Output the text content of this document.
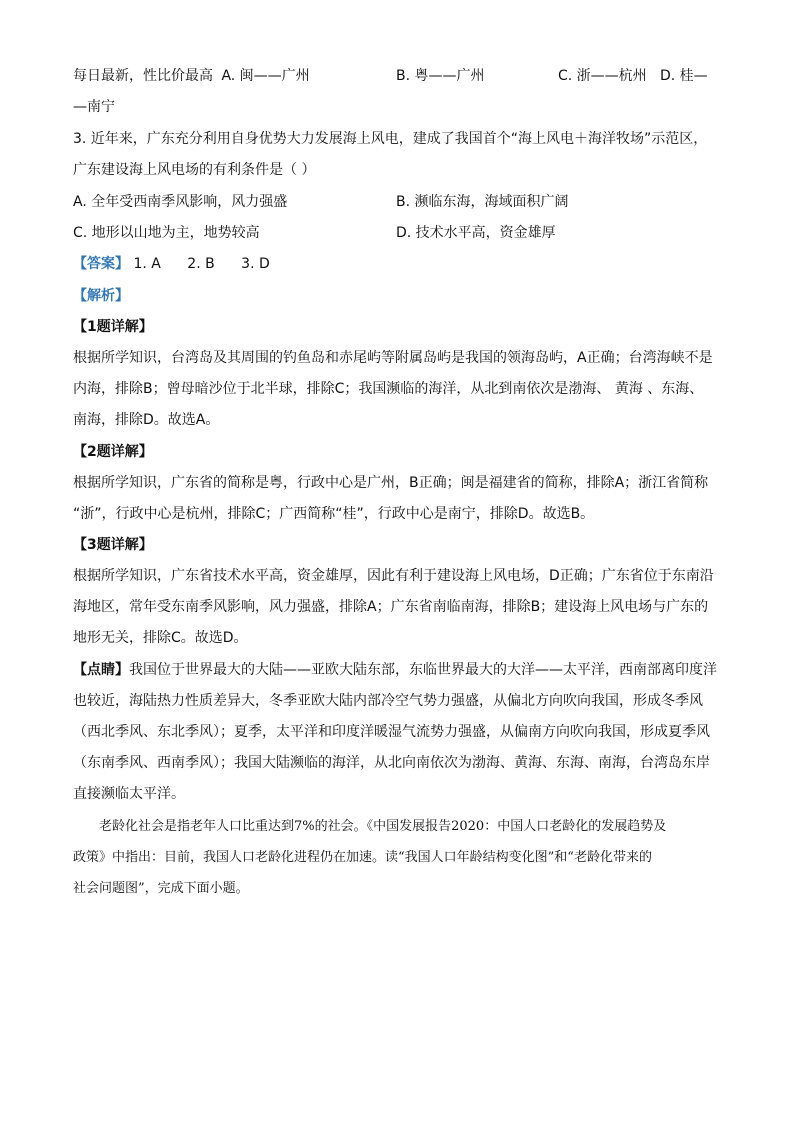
每日最新，性比价最高 A. 闽——广州	B. 粤——广州	C. 浙——杭州 D. 桂—
—南宁
3. 近年来，广东充分利用自身优势大力发展海上风电，建成了我国首个“海上风电＋海洋牧场”示范区，
广东建设海上风电场的有利条件是（ ）
A. 全年受西南季风影响，风力强盛	B. 濒临东海，海域面积广阔
C. 地形以山地为主，地势较高	D. 技术水平高，资金雄厚
【答案】 1. A 2. B 3. D
【解析】
【1题详解】
根据所学知识，台湾岛及其周围的钓鱼岛和赤尾屿等附属岛屿是我国的领海岛屿，A正确；台湾海峡不是
内海，排除B；曾母暗沙位于北半球，排除C；我国濒临的海洋，从北到南依次是渤海、 黄海 、东海、
南海，排除D。故选A。
【2题详解】
根据所学知识，广东省的简称是粤，行政中心是广州，B正确；闽是福建省的简称，排除A；浙江省简称
“浙”，行政中心是杭州，排除C；广西简称“桂”，行政中心是南宁，排除D。故选B。
【3题详解】
根据所学知识，广东省技术水平高，资金雄厚，因此有利于建设海上风电场，D正确；广东省位于东南沿
海地区，常年受东南季风影响，风力强盛，排除A；广东省南临南海，排除B；建设海上风电场与广东的
地形无关，排除C。故选D。
【点睛】我国位于世界最大的大陆——亚欧大陆东部，东临世界最大的大洋——太平洋，西南部离印度洋
也较近，海陆热力性质差异大，冬季亚欧大陆内部冷空气势力强盛，从偏北方向吹向我国，形成冬季风
（西北季风、东北季风）；夏季，太平洋和印度洋暖湿气流势力强盛，从偏南方向吹向我国，形成夏季风
（东南季风、西南季风）；我国大陆濒临的海洋，从北向南依次为渤海、黄海、东海、南海，台湾岛东岸
直接濒临太平洋。
老龄化社会是指老年人口比重达到7%的社会。《中国发展报告2020：中国人口老龄化的发展趋势及
政策》中指出：目前，我国人口老龄化进程仍在加速。读“我国人口年龄结构变化图”和“老龄化带来的
社会问题图”，完成下面小题。
